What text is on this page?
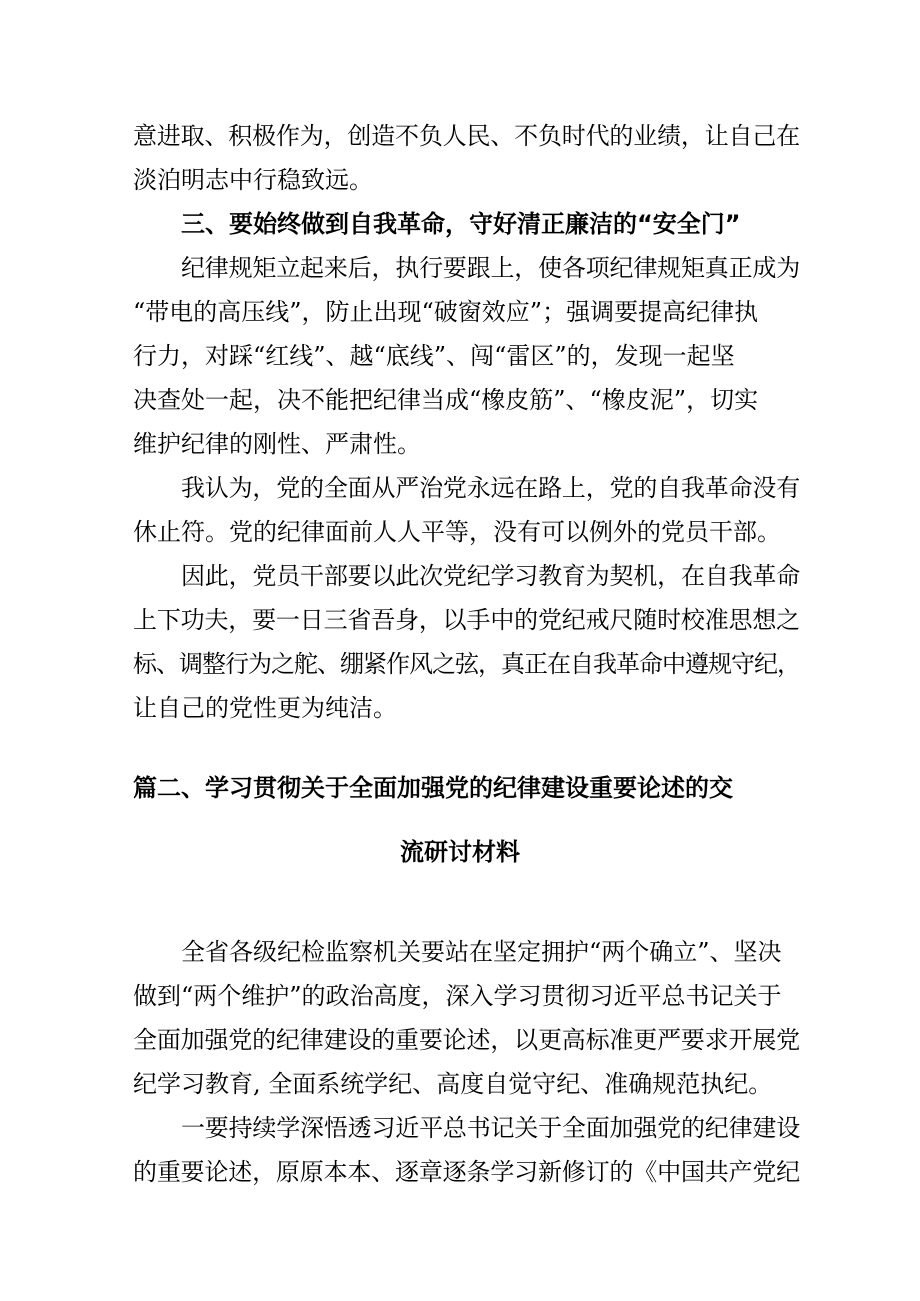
意进取、积极作为，创造不负人民、不负时代的业绩，让自己在
淡泊明志中行稳致远。
三、要始终做到自我革命，守好清正廉洁的“安全门”
纪律规矩立起来后，执行要跟上，使各项纪律规矩真正成为
“带电的高压线”，防止出现“破窗效应”；强调要提高纪律执
行力，对踩“红线”、越“底线”、闯“雷区”的，发现一起坚
决查处一起，决不能把纪律当成“橡皮筋”、“橡皮泥”，切实
维护纪律的刚性、严肃性。
我认为，党的全面从严治党永远在路上，党的自我革命没有
休止符。党的纪律面前人人平等，没有可以例外的党员干部。
因此，党员干部要以此次党纪学习教育为契机，在自我革命
上下功夫，要一日三省吾身，以手中的党纪戒尺随时校准思想之
标、调整行为之舵、绷紧作风之弦，真正在自我革命中遵规守纪，
让自己的党性更为纯洁。
篇二、学习贯彻关于全面加强党的纪律建设重要论述的交
流研讨材料
全省各级纪检监察机关要站在坚定拥护“两个确立”、坚决
做到“两个维护”的政治高度，深入学习贯彻习近平总书记关于
全面加强党的纪律建设的重要论述，以更高标准更严要求开展党
纪学习教育, 全面系统学纪、高度自觉守纪、准确规范执纪。
一要持续学深悟透习近平总书记关于全面加强党的纪律建设
的重要论述，原原本本、逐章逐条学习新修订的《中国共产党纪
